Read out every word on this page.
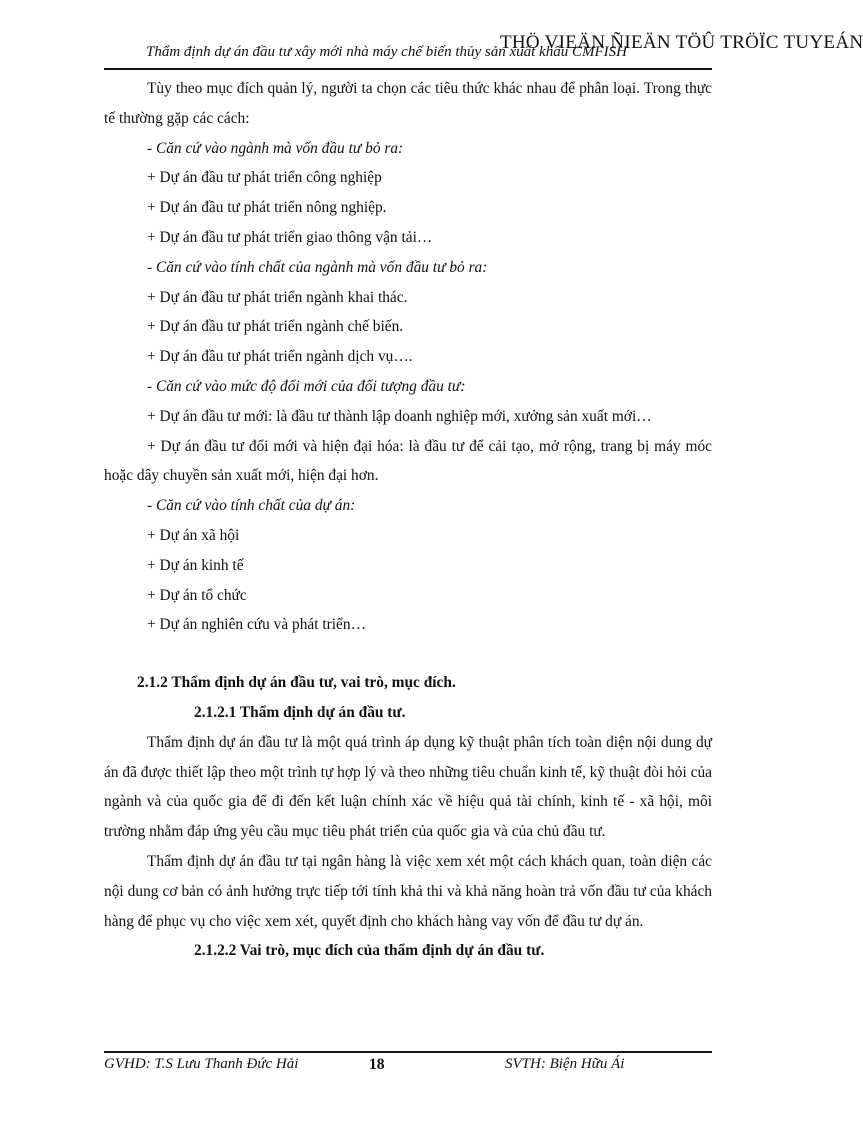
Thẩm định dự án đầu tư xây mới nhà máy chế biến thủy sản xuất khẩu CMFISH
THÖ VIEÄN ÑIEÄN TÖÛ TRÖÏC TUYEÁN

Tùy theo mục đích quản lý, người ta chọn các tiêu thức khác nhau để phân loại. Trong thực tế thường gặp các cách:

- Căn cứ vào ngành mà vốn đầu tư bỏ ra:

+ Dự án đầu tư phát triển công nghiệp

+ Dự án đầu tư phát triển nông nghiệp.

+ Dự án đầu tư phát triển giao thông vận tải…

- Căn cứ vào tính chất của ngành mà vốn đầu tư bỏ ra:

+ Dự án đầu tư phát triển ngành khai thác.

+ Dự án đầu tư phát triển ngành chế biến.

+ Dự án đầu tư phát triển ngành dịch vụ….

- Căn cứ vào mức độ đổi mới của đối tượng đầu tư:

+ Dự án đầu tư mới: là đầu tư thành lập doanh nghiệp mới, xưởng sản xuất mới…

+ Dự án đầu tư đổi mới và hiện đại hóa: là đầu tư để cải tạo, mở rộng, trang bị máy móc hoặc dây chuyền sản xuất mới, hiện đại hơn.

- Căn cứ vào tính chất của dự án:

+ Dự án xã hội

+ Dự án kinh tế

+ Dự án tổ chức

+ Dự án nghiên cứu và phát triển…

2.1.2 Thẩm định dự án đầu tư, vai trò, mục đích.

2.1.2.1 Thẩm định dự án đầu tư.

Thẩm định dự án đầu tư là một quá trình áp dụng kỹ thuật phân tích toàn diện nội dung dự án đã được thiết lập theo một trình tự hợp lý và theo những tiêu chuẩn kinh tế, kỹ thuật đòi hỏi của ngành và của quốc gia để đi đến kết luận chính xác về hiệu quả tài chính, kinh tế - xã hội, môi trường nhằm đáp ứng yêu cầu mục tiêu phát triển của quốc gia và của chủ đầu tư.

Thẩm định dự án đầu tư tại ngân hàng là việc xem xét một cách khách quan, toàn diện các nội dung cơ bản có ảnh hưởng trực tiếp tới tính khả thi và khả năng hoàn trả vốn đầu tư của khách hàng để phục vụ cho việc xem xét, quyết định cho khách hàng vay vốn để đầu tư dự án.

2.1.2.2 Vai trò, mục đích của thẩm định dự án đầu tư.

GVHD: T.S Lưu Thanh Đức Hải	18	SVTH: Biện Hữu Ái
